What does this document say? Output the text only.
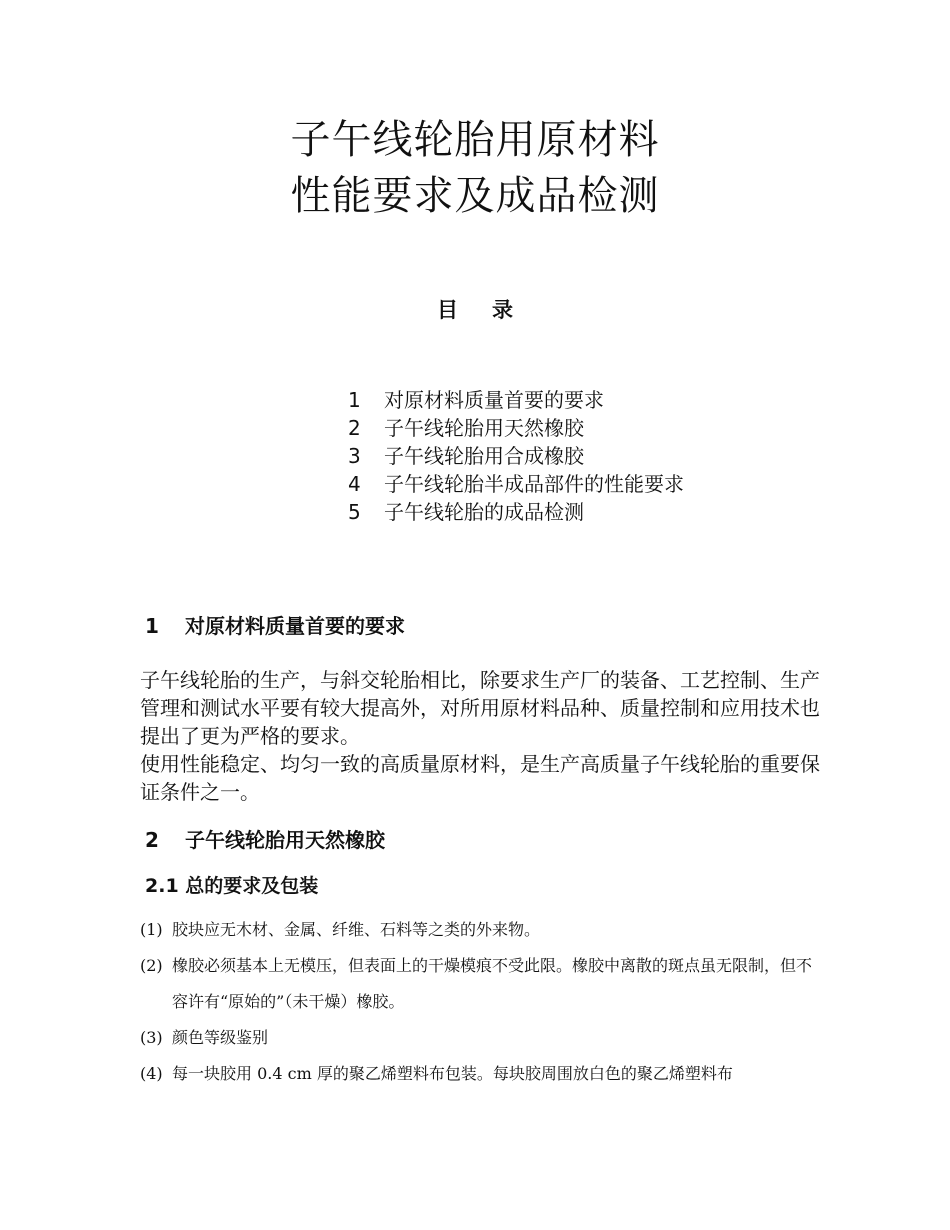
子午线轮胎用原材料
性能要求及成品检测
目录
1 对原材料质量首要的要求
2 子午线轮胎用天然橡胶
3 子午线轮胎用合成橡胶
4 子午线轮胎半成品部件的性能要求
5 子午线轮胎的成品检测
1 对原材料质量首要的要求

子午线轮胎的生产，与斜交轮胎相比，除要求生产厂的装备、工艺控制、生产管理和测试水平要有较大提高外，对所用原材料品种、质量控制和应用技术也提出了更为严格的要求。

使用性能稳定、均匀一致的高质量原材料，是生产高质量子午线轮胎的重要保证条件之一。

2 子午线轮胎用天然橡胶
2.1 总的要求及包装
(1) 胶块应无木材、金属、纤维、石料等之类的外来物。
(2) 橡胶必须基本上无模压，但表面上的干燥模痕不受此限。橡胶中离散的斑点虽无限制，但不容许有“原始的”（未干燥）橡胶。
(3) 颜色等级鉴别
(4) 每一块胶用 0.4 cm 厚的聚乙烯塑料布包装。每块胶周围放白色的聚乙烯塑料布
